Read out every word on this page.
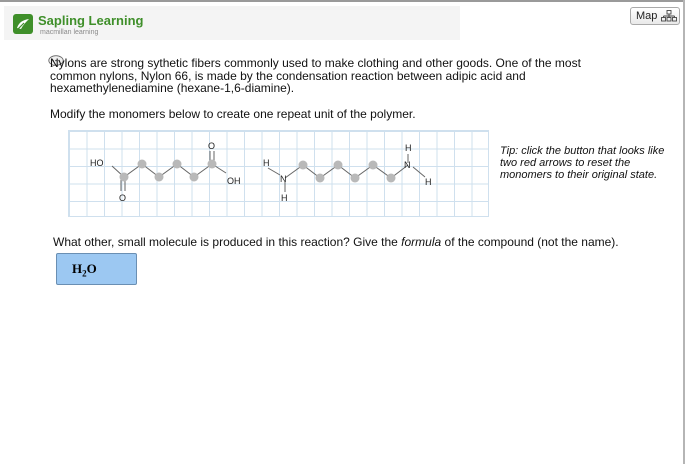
Sapling Learning
macmillan learning
Map
Nylons are strong sythetic fibers commonly used to make clothing and other goods. One of the most common nylons, Nylon 66, is made by the condensation reaction between adipic acid and hexamethylenediamine (hexane-1,6-diamine).
Modify the monomers below to create one repeat unit of the polymer.
HO
O
O
OH
H
N
H
H
N
H
Tip: click the button that looks like two red arrows to reset the monomers to their original state.
What other, small molecule is produced in this reaction? Give the formula of the compound (not the name).
$H_2O$
